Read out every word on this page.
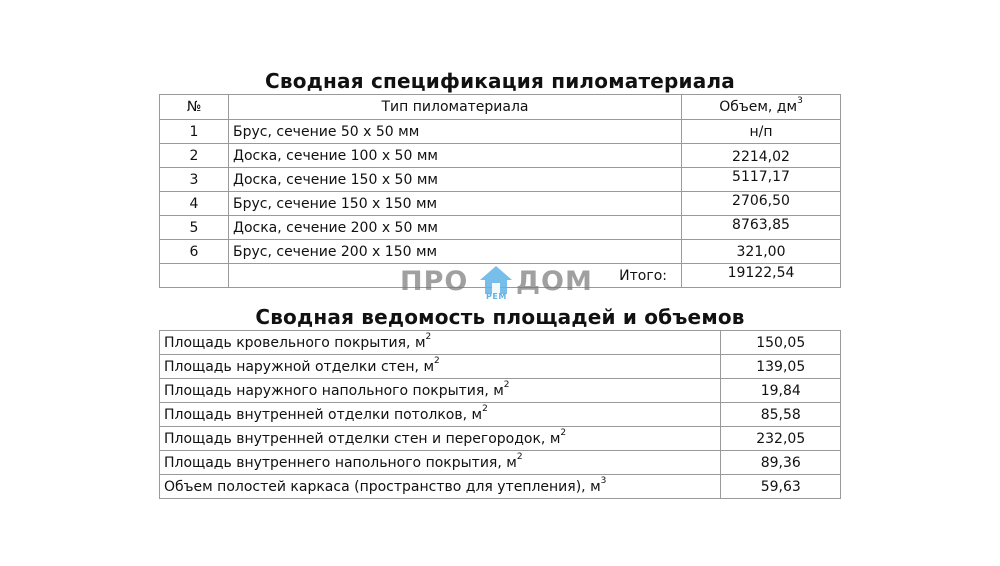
Сводная спецификация пиломатериала
№	Тип пиломатериала	Объем, $дм^3$
1	Брус, сечение 50 х 50 мм	н/п
2	Доска, сечение 100 х 50 мм	2214,02
3	Доска, сечение 150 х 50 мм	5117,17
4	Брус, сечение 150 х 150 мм	2706,50
5	Доска, сечение 200 х 50 мм	8763,85
6	Брус, сечение 200 х 150 мм	321,00
	Итого:	19122,54
ПРО РЕМ ДОМ
Сводная ведомость площадей и объемов
Площадь кровельного покрытия, $м^2$	150,05
Площадь наружной отделки стен, $м^2$	139,05
Площадь наружного напольного покрытия, $м^2$	19,84
Площадь внутренней отделки потолков, $м^2$	85,58
Площадь внутренней отделки стен и перегородок, $м^2$	232,05
Площадь внутреннего напольного покрытия, $м^2$	89,36
Объем полостей каркаса (пространство для утепления), $м^3$	59,63
